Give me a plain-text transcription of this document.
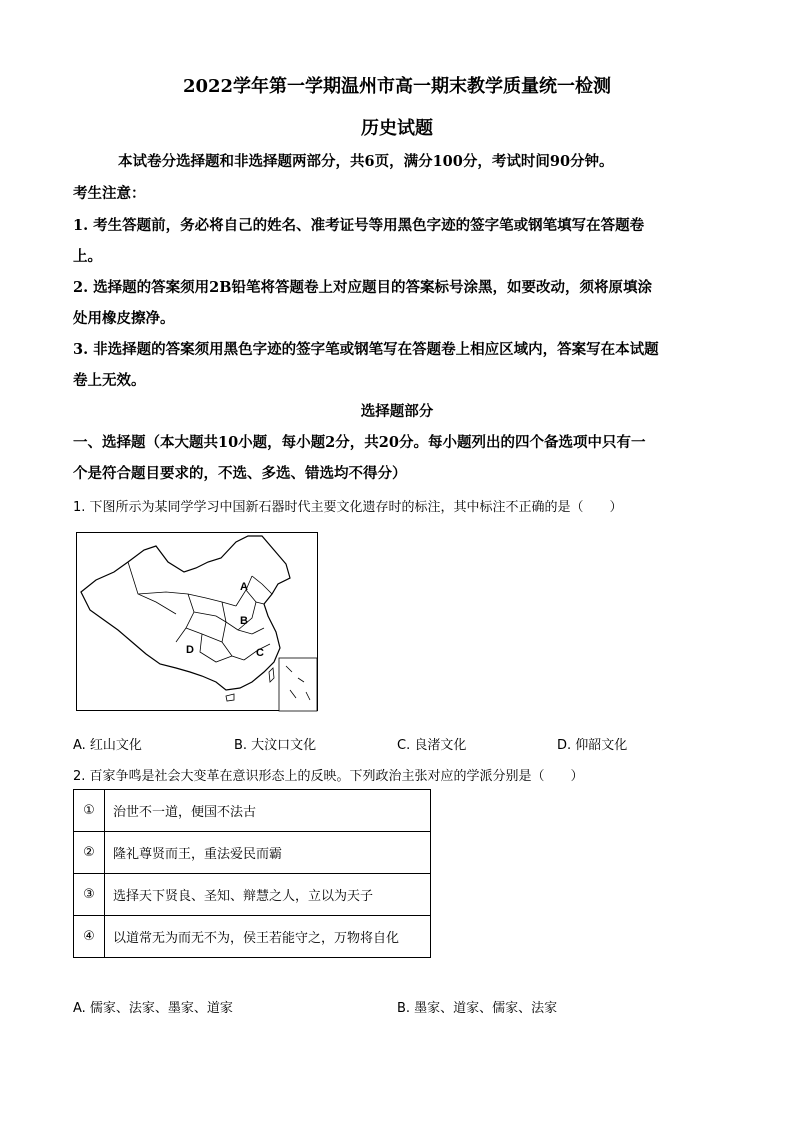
2022学年第一学期温州市高一期末教学质量统一检测
历史试题
本试卷分选择题和非选择题两部分，共6页，满分100分，考试时间90分钟。
考生注意：
1. 考生答题前，务必将自己的姓名、准考证号等用黑色字迹的签字笔或钢笔填写在答题卷
上。
2. 选择题的答案须用2B铅笔将答题卷上对应题目的答案标号涂黑，如要改动，须将原填涂
处用橡皮擦净。
3. 非选择题的答案须用黑色字迹的签字笔或钢笔写在答题卷上相应区域内，答案写在本试题
卷上无效。
选择题部分
一、选择题（本大题共10小题，每小题2分，共20分。每小题列出的四个备选项中只有一
个是符合题目要求的，不选、多选、错选均不得分）
1. 下图所示为某同学学习中国新石器时代主要文化遗存时的标注，其中标注不正确的是（　　）
A
B
C
D
A. 红山文化	B. 大汶口文化	C. 良渚文化	D. 仰韶文化
2. 百家争鸣是社会大变革在意识形态上的反映。下列政治主张对应的学派分别是（　　）
①	治世不一道，便国不法古
②	隆礼尊贤而王，重法爱民而霸
③	选择天下贤良、圣知、辩慧之人，立以为天子
④	以道常无为而无不为，侯王若能守之，万物将自化
A. 儒家、法家、墨家、道家	B. 墨家、道家、儒家、法家
